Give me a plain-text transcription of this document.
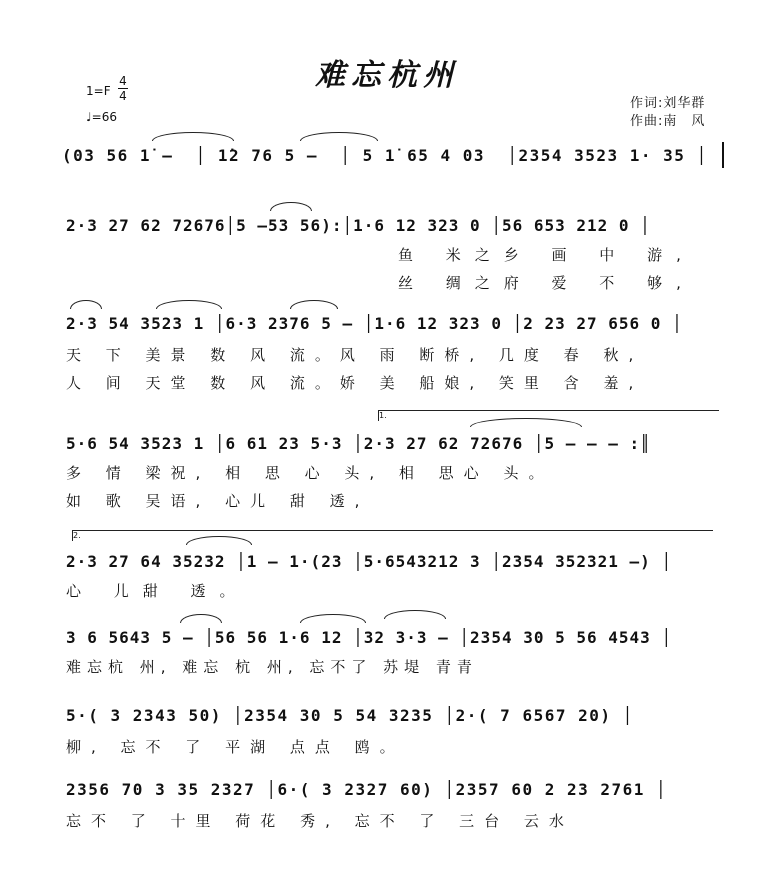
难忘杭州
1=F
4
4
♩=66
作词:刘华群
作曲:南　风
(03 56 1̇ –  │ 1̇2 76 5 –  │ 5 1̇ 65 4 03  │2354 3523 1· 35 │
2·3 27 62 72676│5 –53 56):│1·6 12 323 0 │56 653 212 0 │
鱼 米之乡 画 中 游,
丝 绸之府 爱 不 够,
2·3 54 3523 1 │6·3 2376 5 – │1·6 12 323 0 │2 23 27 656 0 │
天 下 美景 数 风 流。风 雨 断桥, 几度 春 秋,
人 间 天堂 数 风 流。娇 美 船娘, 笑里 含 羞,
1.
5·6 54 3523 1 │6 61 23 5·3 │2·3 27 62 72676 │5 – – – :║
多 情 梁祝, 相 思 心 头, 相 思心 头。
如 歌 吴语, 心儿 甜 透,
2.
2·3 27 64 35232 │1 – 1·(23 │5·6543212 3 │2354 352321 –) │
心 儿甜 透。
3 6 5643 5 – │56 56 1·6 12 │32 3·3 – │2354 30 5 56 4543 │
难忘杭 州, 难忘 杭 州, 忘不了 苏堤 青青
5·( 3 2343 50) │2354 30 5 54 3235 │2·( 7 6567 20) │
柳, 忘不 了 平湖 点点 鸥。
2356 70 3 35 2327 │6·( 3 2327 60) │2357 60 2 23 2761 │
忘不 了 十里 荷花 秀, 忘不 了 三台 云水
